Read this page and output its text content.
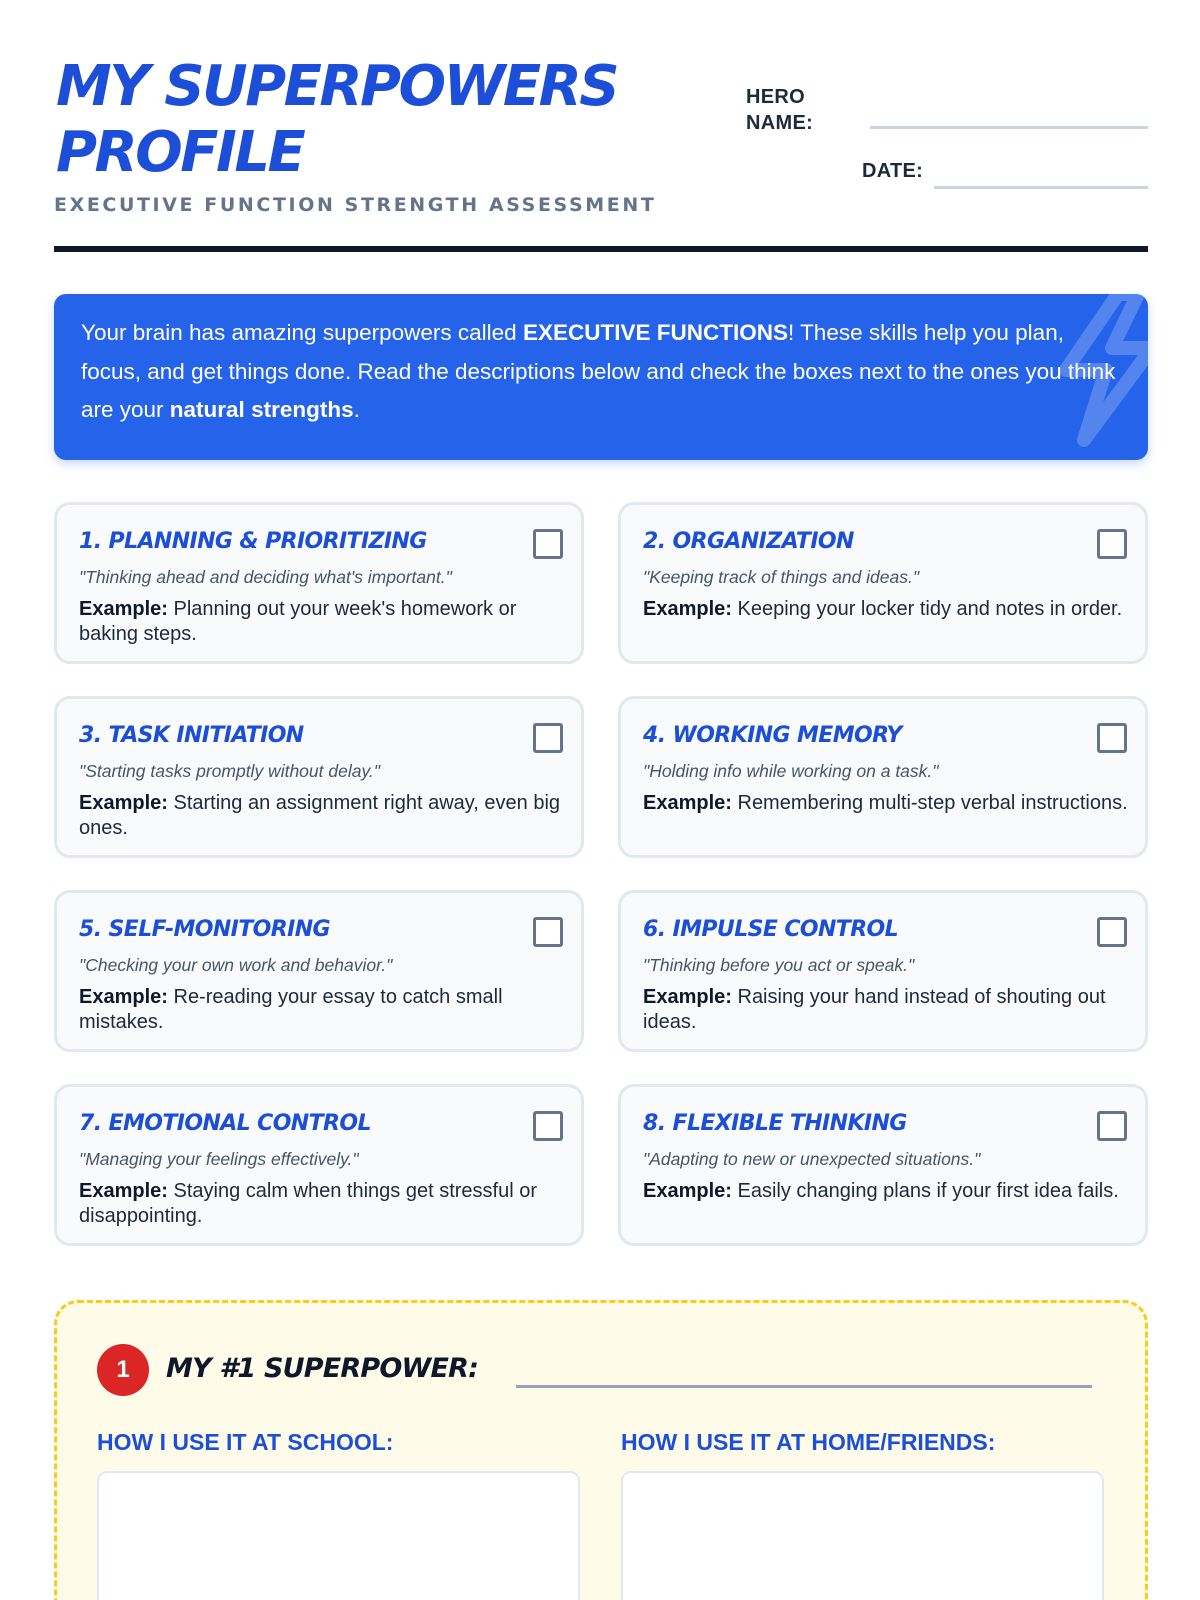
MY SUPERPOWERS PROFILE
EXECUTIVE FUNCTION STRENGTH ASSESSMENT
HERO NAME:
DATE:

Your brain has amazing superpowers called EXECUTIVE FUNCTIONS! These skills help you plan, focus, and get things done. Read the descriptions below and check the boxes next to the ones you think are your natural strengths.

1. PLANNING & PRIORITIZING

"Thinking ahead and deciding what's important."

Example: Planning out your week's homework or baking steps.

2. ORGANIZATION

"Keeping track of things and ideas."

Example: Keeping your locker tidy and notes in order.

3. TASK INITIATION

"Starting tasks promptly without delay."

Example: Starting an assignment right away, even big ones.

4. WORKING MEMORY

"Holding info while working on a task."

Example: Remembering multi-step verbal instructions.

5. SELF-MONITORING

"Checking your own work and behavior."

Example: Re-reading your essay to catch small mistakes.

6. IMPULSE CONTROL

"Thinking before you act or speak."

Example: Raising your hand instead of shouting out ideas.

7. EMOTIONAL CONTROL

"Managing your feelings effectively."

Example: Staying calm when things get stressful or disappointing.

8. FLEXIBLE THINKING

"Adapting to new or unexpected situations."

Example: Easily changing plans if your first idea fails.

1	MY #1 SUPERPOWER:

HOW I USE IT AT SCHOOL:	HOW I USE IT AT HOME/FRIENDS:
